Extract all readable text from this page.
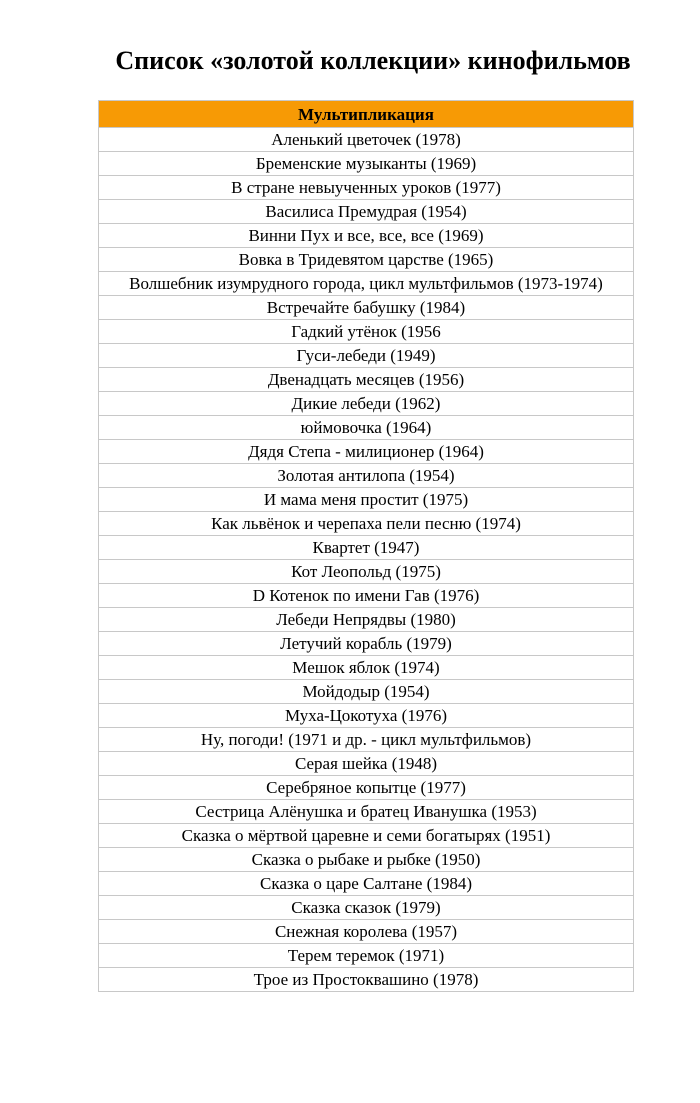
Список «золотой коллекции» кинофильмов
Мультипликация
Аленький цветочек (1978)
Бременские музыканты (1969)
В стране невыученных уроков (1977)
Василиса Премудрая (1954)
Винни Пух и все, все, все (1969)
Вовка в Тридевятом царстве (1965)
Волшебник изумрудного города, цикл мультфильмов (1973-1974)
Встречайте бабушку (1984)
Гадкий утёнок (1956
Гуси-лебеди (1949)
Двенадцать месяцев (1956)
Дикие лебеди (1962)
юймовочка (1964)
Дядя Степа - милиционер (1964)
Золотая антилопа (1954)
И мама меня простит (1975)
Как львёнок и черепаха пели песню (1974)
Квартет (1947)
Кот Леопольд (1975)
D Котенок по имени Гав (1976)
Лебеди Непрядвы (1980)
Летучий корабль (1979)
Мешок яблок (1974)
Мойдодыр (1954)
Муха-Цокотуха (1976)
Ну, погоди! (1971 и др. - цикл мультфильмов)
Серая шейка (1948)
Серебряное копытце (1977)
Сестрица Алёнушка и братец Иванушка (1953)
Сказка о мёртвой царевне и семи богатырях (1951)
Сказка о рыбаке и рыбке (1950)
Сказка о царе Салтане (1984)
Сказка сказок (1979)
Снежная королева (1957)
Терем теремок (1971)
Трое из Простоквашино (1978)
